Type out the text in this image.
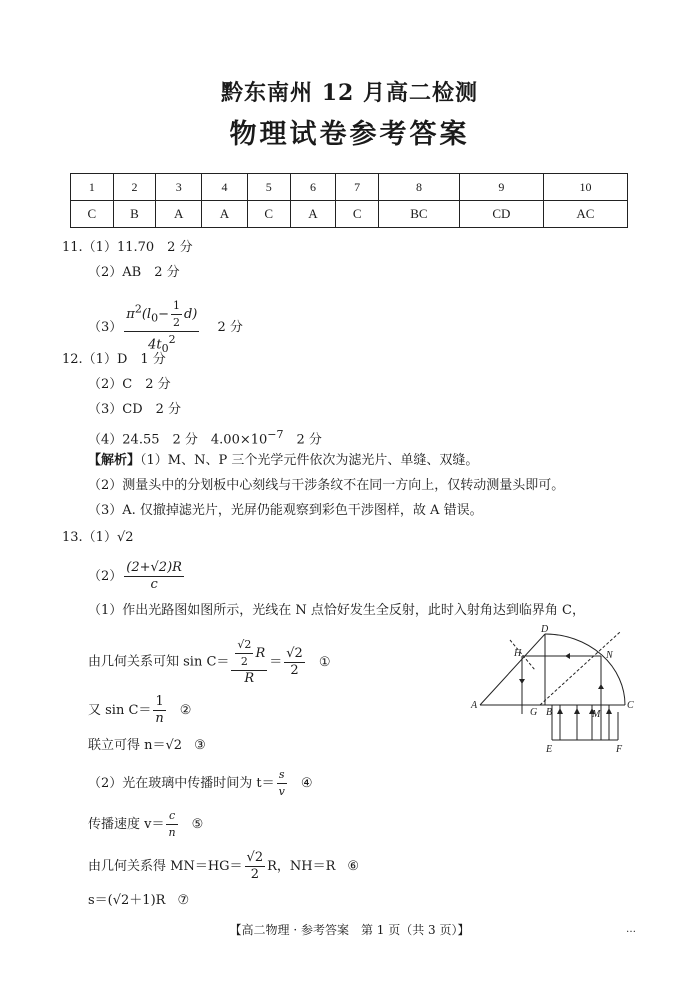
黔东南州 12 月高二检测
物理试卷参考答案
1	2	3	4	5	6	7	8	9	10
C	B	A	A	C	A	C	BC	CD	AC
11.（1）11.70　2 分
（2）AB　2 分
$(3) \frac{\pi^2(l_0- \frac{1}{2} d)}{4t_0^2} 2$ 分
12.（1）D　1 分
（2）C　2 分
（3）CD　2 分
（4）24.55　2 分　$4.00\times 10^{-7}$　2 分
【解析】（1）M、N、P 三个光学元件依次为滤光片、单缝、双缝。
（2）测量头中的分划板中心刻线与干涉条纹不在同一方向上，仅转动测量头即可。
（3）A. 仅撤掉滤光片，光屏仍能观察到彩色干涉图样，故 A 错误。
13.（1）√2
$(2) \frac{(2+√2)R}{c}$
（1）作出光路图如图所示，光线在 N 点恰好发生全反射，此时入射角达到临界角 C，
由几何关系可知 $\sin C= \frac{\frac{√2}{2} R}{R} = \frac{√2}{2}$ ①
又 $\sin C= \frac{1}{n}$ ②
联立可得 n＝√2 ③
（2）光在玻璃中传播时间为 $t= \frac{s}{v}$ ④
传播速度 $v= \frac{c}{n}$ ⑤
由几何关系得 $MN=HG= \frac{√2}{2}$ R，NH＝R ⑥
s＝(√2＋1)R ⑦
D
H	N
A
G B	M
C
E	F
【高二物理 · 参考答案　第 1 页（共 3 页）】	…
